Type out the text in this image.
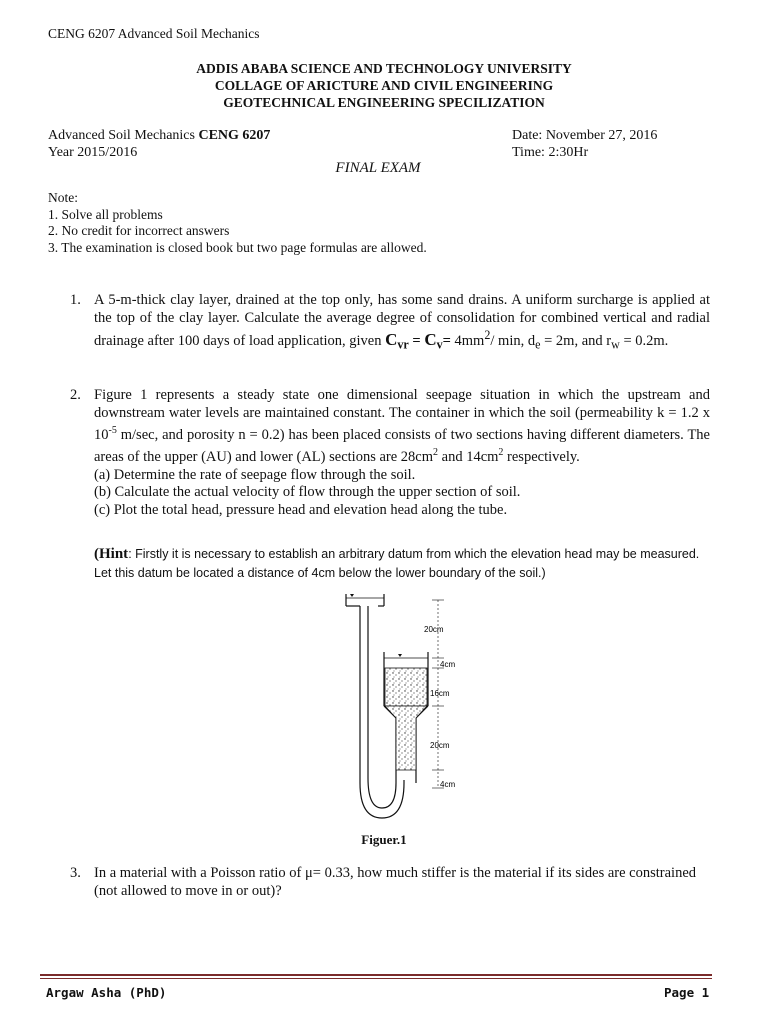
CENG 6207 Advanced Soil Mechanics
ADDIS ABABA SCIENCE AND TECHNOLOGY UNIVERSITY
COLLAGE OF ARICTURE AND CIVIL ENGINEERING
GEOTECHNICAL ENGINEERING SPECILIZATION
Advanced Soil Mechanics CENG 6207
Year 2015/2016
Date: November 27, 2016
Time: 2:30Hr
FINAL EXAM
Note:
1. Solve all problems
2. No credit for incorrect answers
3. The examination is closed book but two page formulas are allowed.
1. A 5-m-thick clay layer, drained at the top only, has some sand drains. A uniform surcharge is applied at the top of the clay layer. Calculate the average degree of consolidation for combined vertical and radial drainage after 100 days of load application, given $C_{vr} = C_v= 4mm^2/$ min, $d_e = 2m$, and $r_w = 0.2m$.
2. Figure 1 represents a steady state one dimensional seepage situation in which the upstream and downstream water levels are maintained constant. The container in which the soil (permeability k = 1.2 x $10^{-5}$ m/sec, and porosity n = 0.2) has been placed consists of two sections having different diameters. The areas of the upper (AU) and lower (AL) sections are $28cm^2$ and $14cm^2$ respectively.
(a) Determine the rate of seepage flow through the soil.
(b) Calculate the actual velocity of flow through the upper section of soil.
(c) Plot the total head, pressure head and elevation head along the tube.
(Hint: Firstly it is necessary to establish an arbitrary datum from which the elevation head may be measured. Let this datum be located a distance of 4cm below the lower boundary of the soil.)
20cm
4cm
16cm
20cm
4cm
Figuer.1
3. In a material with a Poisson ratio of μ= 0.33, how much stiffer is the material if its sides are constrained (not allowed to move in or out)?
Argaw Asha (PhD)	Page 1
